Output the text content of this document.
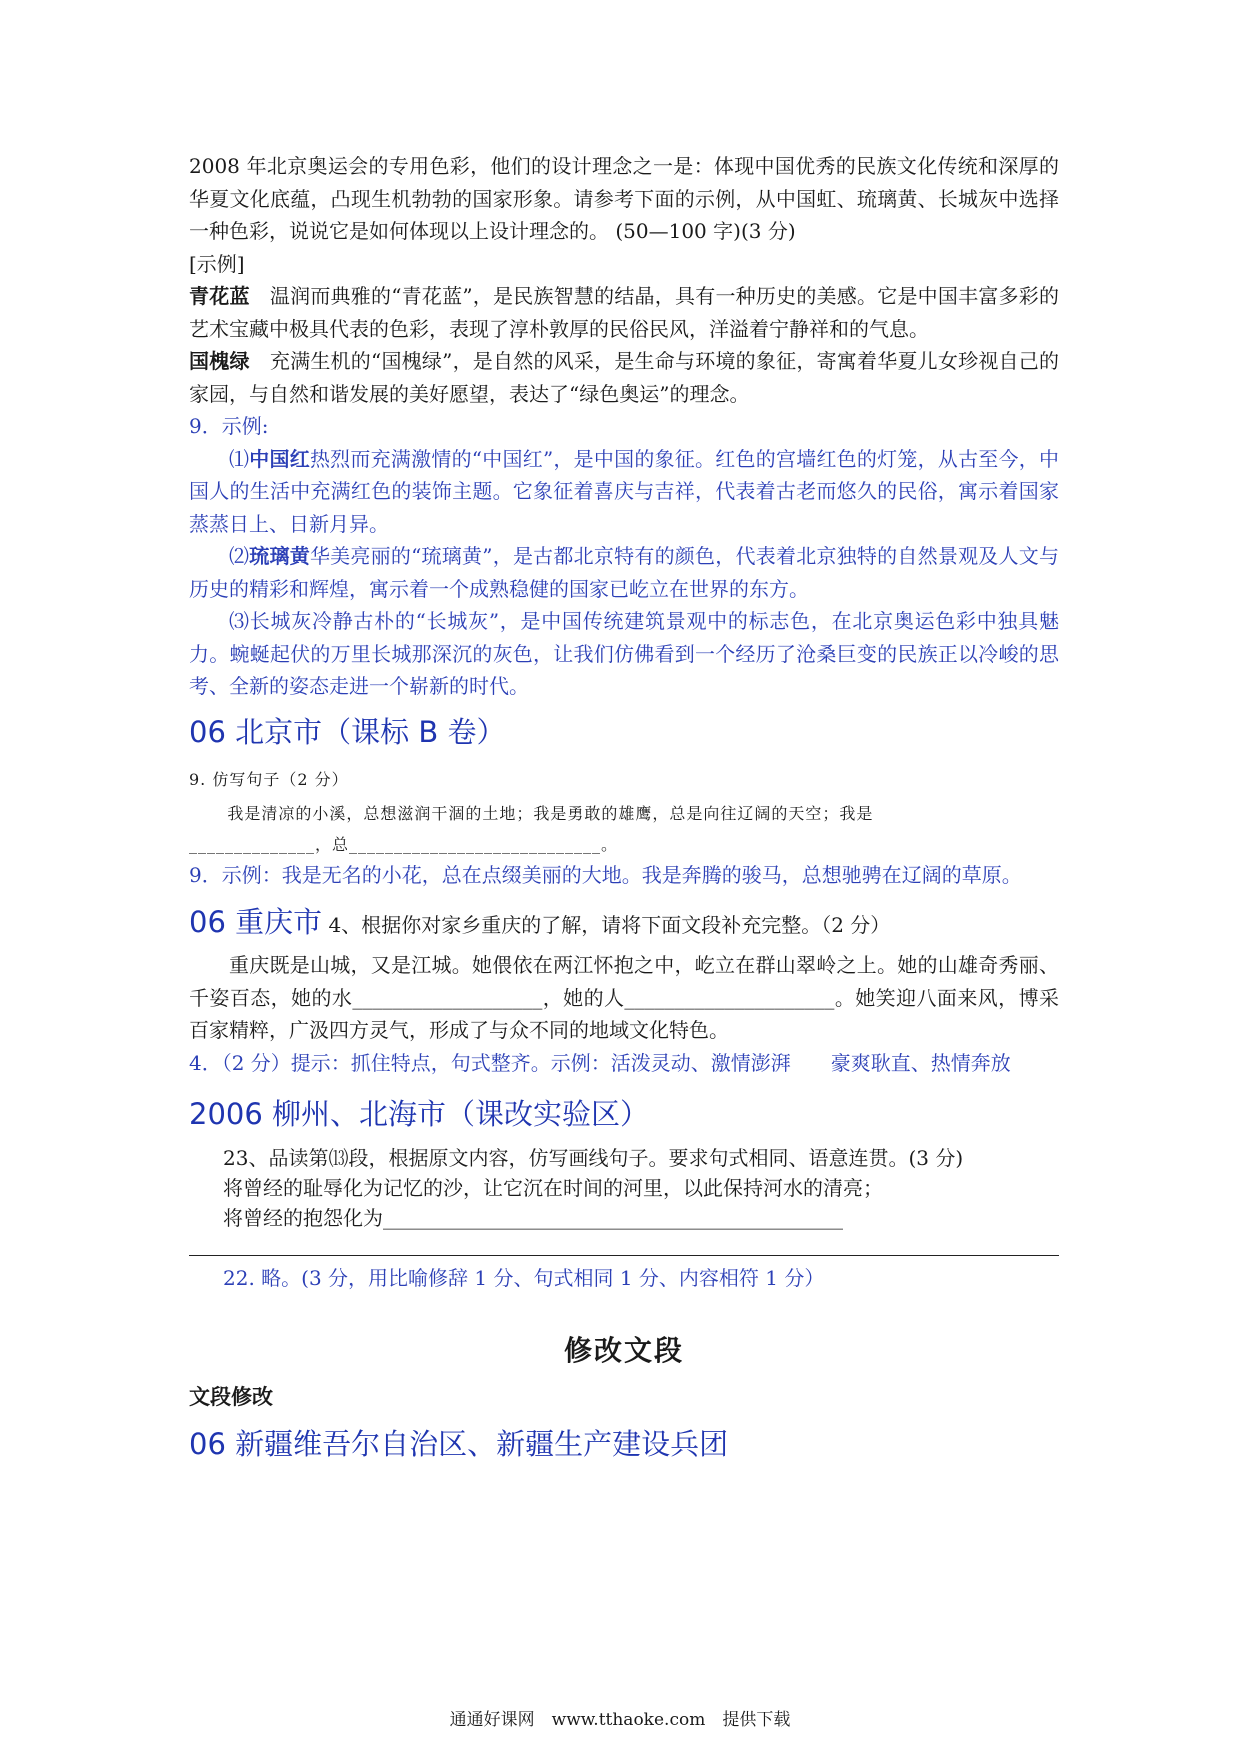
2008 年北京奥运会的专用色彩，他们的设计理念之一是：体现中国优秀的民族文化传统和深厚的华夏文化底蕴，凸现生机勃勃的国家形象。请参考下面的示例，从中国虹、琉璃黄、长城灰中选择一种色彩，说说它是如何体现以上设计理念的。 (50—100 字)(3 分)

[示例]

青花蓝　温润而典雅的“青花蓝”，是民族智慧的结晶，具有一种历史的美感。它是中国丰富多彩的艺术宝藏中极具代表的色彩，表现了淳朴敦厚的民俗民风，洋溢着宁静祥和的气息。

国槐绿　充满生机的“国槐绿”，是自然的风采，是生命与环境的象征，寄寓着华夏儿女珍视自己的家园，与自然和谐发展的美好愿望，表达了“绿色奥运”的理念。

9．示例:

⑴中国红热烈而充满激情的“中国红”，是中国的象征。红色的宫墙红色的灯笼，从古至今，中国人的生活中充满红色的装饰主题。它象征着喜庆与吉祥，代表着古老而悠久的民俗，寓示着国家蒸蒸日上、日新月异。

⑵琉璃黄华美亮丽的“琉璃黄”，是古都北京特有的颜色，代表着北京独特的自然景观及人文与历史的精彩和辉煌，寓示着一个成熟稳健的国家已屹立在世界的东方。

⑶长城灰冷静古朴的“长城灰”，是中国传统建筑景观中的标志色，在北京奥运色彩中独具魅力。蜿蜒起伏的万里长城那深沉的灰色，让我们仿佛看到一个经历了沧桑巨变的民族正以冷峻的思考、全新的姿态走进一个崭新的时代。

06 北京市（课标 B 卷）

9. 仿写句子（2 分）

我是清凉的小溪，总想滋润干涸的土地；我是勇敢的雄鹰，总是向往辽阔的天空；我是

______________，总____________________________。

9．示例：我是无名的小花，总在点缀美丽的大地。我是奔腾的骏马，总想驰骋在辽阔的草原。

06 重庆市 4、根据你对家乡重庆的了解，请将下面文段补充完整。（2 分）

重庆既是山城，又是江城。她偎依在两江怀抱之中，屹立在群山翠岭之上。她的山雄奇秀丽、千姿百态，她的水___________________，她的人_____________________。她笑迎八面来风，博采百家精粹，广汲四方灵气，形成了与众不同的地域文化特色。

4．（2 分）提示：抓住特点，句式整齐。示例：活泼灵动、激情澎湃　　豪爽耿直、热情奔放

2006 柳州、北海市（课改实验区）

23、品读第⒀段，根据原文内容，仿写画线句子。要求句式相同、语意连贯。(3 分)

将曾经的耻辱化为记忆的沙，让它沉在时间的河里，以此保持河水的清亮；

将曾经的抱怨化为______________________________________________

22. 略。(3 分，用比喻修辞 1 分、句式相同 1 分、内容相符 1 分）

修改文段

文段修改

06 新疆维吾尔自治区、新疆生产建设兵团

通通好课网　www.tthaoke.com　提供下载
